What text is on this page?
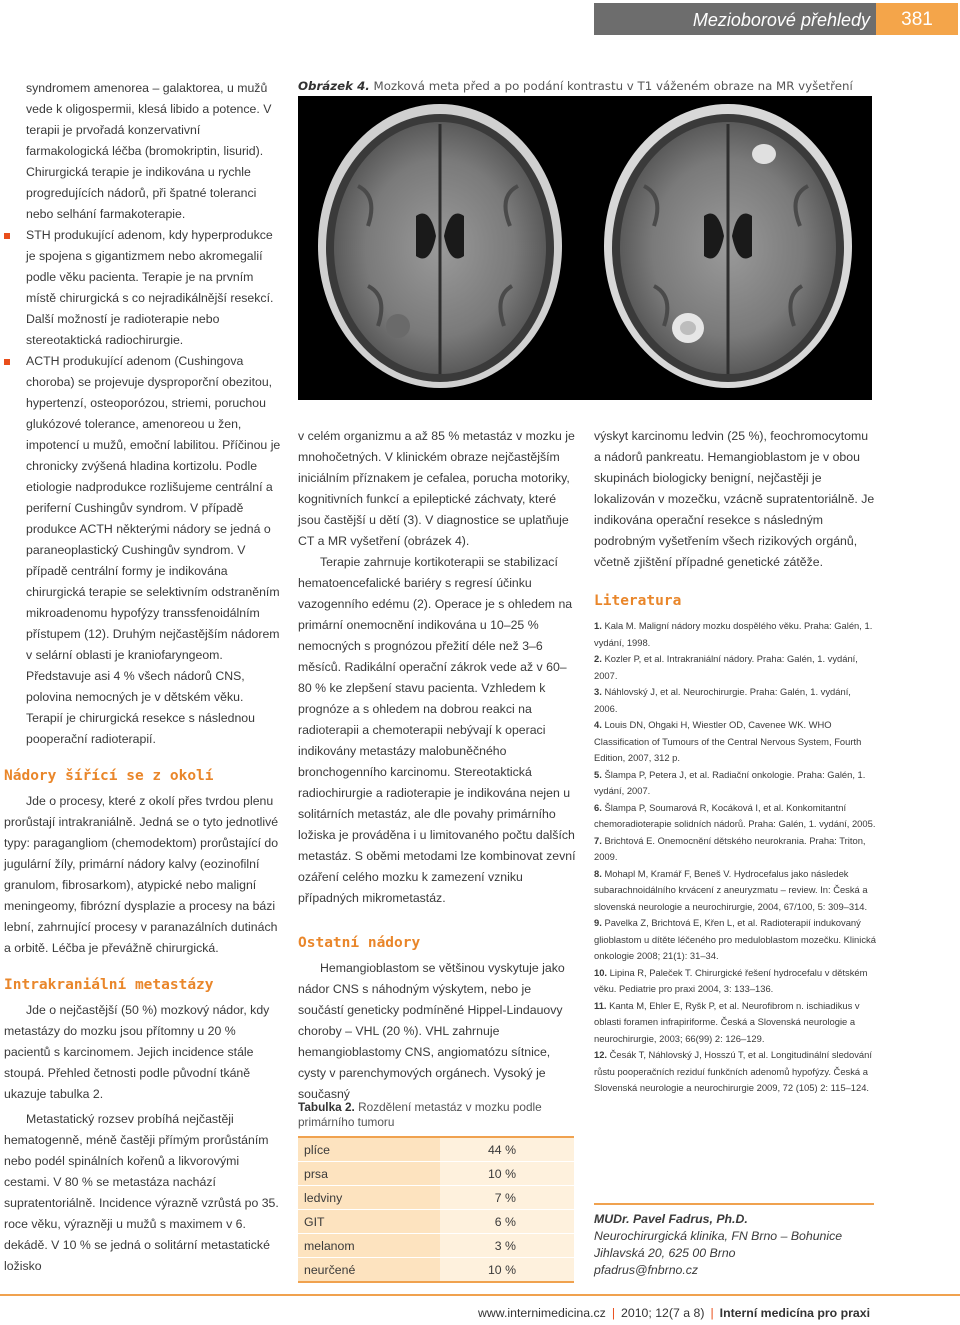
Mezioborové přehledy	381

syndromem amenorea – galaktorea, u mužů vede k oligospermii, klesá libido a potence. V terapii je prvořadá konzervativní farmakologická léčba (bromokriptin, lisurid). Chirurgická terapie je indikována u rychle progredujících nádorů, při špatné toleranci nebo selhání farmakoterapie.

STH produkující adenom, kdy hyperprodukce je spojena s gigantizmem nebo akromegalií podle věku pacienta. Terapie je na prvním místě chirurgická s co nejradikálnější resekcí. Další možností je radioterapie nebo stereotaktická radiochirurgie.

ACTH produkující adenom (Cushingova choroba) se projevuje dysproporční obezitou, hypertenzí, osteoporózou, striemi, poruchou glukózové tolerance, amenoreou u žen, impotencí u mužů, emoční labilitou. Příčinou je chronicky zvýšená hladina kortizolu. Podle etiologie nadprodukce rozlišujeme centrální a periferní Cushingův syndrom. V případě produkce ACTH některými nádory se jedná o paraneoplastický Cushingův syndrom. V případě centrální formy je indikována chirurgická terapie se selektivním odstraněním mikroadenomu hypofýzy transsfenoidálním přístupem (12). Druhým nejčastějším nádorem v selární oblasti je kraniofaryngeom. Představuje asi 4 % všech nádorů CNS, polovina nemocných je v dětském věku. Terapií je chirurgická resekce s následnou pooperační radioterapií.

Nádory šířící se z okolí

Jde o procesy, které z okolí přes tvrdou plenu prorůstají intrakraniálně. Jedná se o tyto jednotlivé typy: paragangliom (chemodektom) prorůstající do jugulární žíly, primární nádory kalvy (eozinofilní granulom, fibrosarkom), atypické nebo maligní meningeomy, fibrózní dysplazie a procesy na bázi lební, zahrnující procesy v paranazálních dutinách a orbitě. Léčba je převážně chirurgická.

Intrakraniální metastázy

Jde o nejčastější (50 %) mozkový nádor, kdy metastázy do mozku jsou přítomny u 20 % pacientů s karcinomem. Jejich incidence stále stoupá. Přehled četnosti podle původní tkáně ukazuje tabulka 2.

Metastatický rozsev probíhá nejčastěji hematogenně, méně častěji přímým prorůstáním nebo podél spinálních kořenů a likvorovými cestami. V 80 % se metastáza nachází supratentoriálně. Incidence výrazně vzrůstá po 35. roce věku, výrazněji u mužů s maximem v 6. dekádě. V 10 % se jedná o solitární metastatické ložisko

Obrázek 4. Mozková meta před a po podání kontrastu v T1 váženém obraze na MR vyšetření

v celém organizmu a až 85 % metastáz v mozku je mnohočetných. V klinickém obraze nejčastějším iniciálním příznakem je cefalea, porucha motoriky, kognitivních funkcí a epileptické záchvaty, které jsou častější u dětí (3). V diagnostice se uplatňuje CT a MR vyšetření (obrázek 4).

Terapie zahrnuje kortikoterapii se stabilizací hematoencefalické bariéry s regresí účinku vazogenního edému (2). Operace je s ohledem na primární onemocnění indikována u 10–25 % nemocných s prognózou přežití déle než 3–6 měsíců. Radikální operační zákrok vede až v 60–80 % ke zlepšení stavu pacienta. Vzhledem k prognóze a s ohledem na dobrou reakci na radioterapii a chemoterapii nebývají k operaci indikovány metastázy malobuněčného bronchogenního karcinomu. Stereotaktická radiochirurgie a radioterapie je indikována nejen u solitárních metastáz, ale dle povahy primárního ložiska je prováděna i u limitovaného počtu dalších metastáz. S oběmi metodami lze kombinovat zevní ozáření celého mozku k zamezení vzniku případných mikrometastáz.

Ostatní nádory

Hemangioblastom se většinou vyskytuje jako nádor CNS s náhodným výskytem, nebo je součástí geneticky podmíněné Hippel-Lindauovy choroby – VHL (20 %). VHL zahrnuje hemangioblastomy CNS, angiomatózu sítnice, cysty v parenchymových orgánech. Vysoký je současný

Tabulka 2. Rozdělení metastáz v mozku podle primárního tumoru
plíce	44 %
prsa	10 %
ledviny	7 %
GIT	6 %
melanom	3 %
neurčené	10 %

výskyt karcinomu ledvin (25 %), feochromocytomu a nádorů pankreatu. Hemangioblastom je v obou skupinách biologicky benigní, nejčastěji je lokalizován v mozečku, vzácně supratentoriálně. Je indikována operační resekce s následným podrobným vyšetřením všech rizikových orgánů, včetně zjištění případné genetické zátěže.

Literatura

1. Kala M. Maligní nádory mozku dospělého věku. Praha: Galén, 1. vydání, 1998.

2. Kozler P, et al. Intrakraniální nádory. Praha: Galén, 1. vydání, 2007.

3. Náhlovský J, et al. Neurochirurgie. Praha: Galén, 1. vydání, 2006.

4. Louis DN, Ohgaki H, Wiestler OD, Cavenee WK. WHO Classification of Tumours of the Central Nervous System, Fourth Edition, 2007, 312 p.

5. Šlampa P, Petera J, et al. Radiační onkologie. Praha: Galén, 1. vydání, 2007.

6. Šlampa P, Soumarová R, Kocáková I, et al. Konkomitantní chemoradioterapie solidních nádorů. Praha: Galén, 1. vydání, 2005.

7. Brichtová E. Onemocnění dětského neurokrania. Praha: Triton, 2009.

8. Mohapl M, Kramář F, Beneš V. Hydrocefalus jako následek subarachnoidálního krvácení z aneuryzmatu – review. In: Česká a slovenská neurologie a neurochirurgie, 2004, 67/100, 5: 309–314.

9. Pavelka Z, Brichtová E, Křen L, et al. Radioterapií indukovaný glioblastom u dítěte léčeného pro meduloblastom mozečku. Klinická onkologie 2008; 21(1): 31–34.

10. Lipina R, Paleček T. Chirurgické řešení hydrocefalu v dětském věku. Pediatrie pro praxi 2004, 3: 133–136.

11. Kanta M, Ehler E, Ryšk P, et al. Neurofibrom n. ischiadikus v oblasti foramen infrapiriforme. Česká a Slovenská neurologie a neurochirurgie, 2003; 66(99) 2: 126–129.

12. Česák T, Náhlovský J, Hosszú T, et al. Longitudinální sledování růstu pooperačních reziduí funkčních adenomů hypofýzy. Česká a Slovenská neurologie a neurochirurgie 2009, 72 (105) 2: 115–124.

MUDr. Pavel Fadrus, Ph.D.
Neurochirurgická klinika, FN Brno – Bohunice
Jihlavská 20, 625 00 Brno
pfadrus@fnbrno.cz
www.internimedicina.cz | 2010; 12(7 a 8) | Interní medicína pro praxi
